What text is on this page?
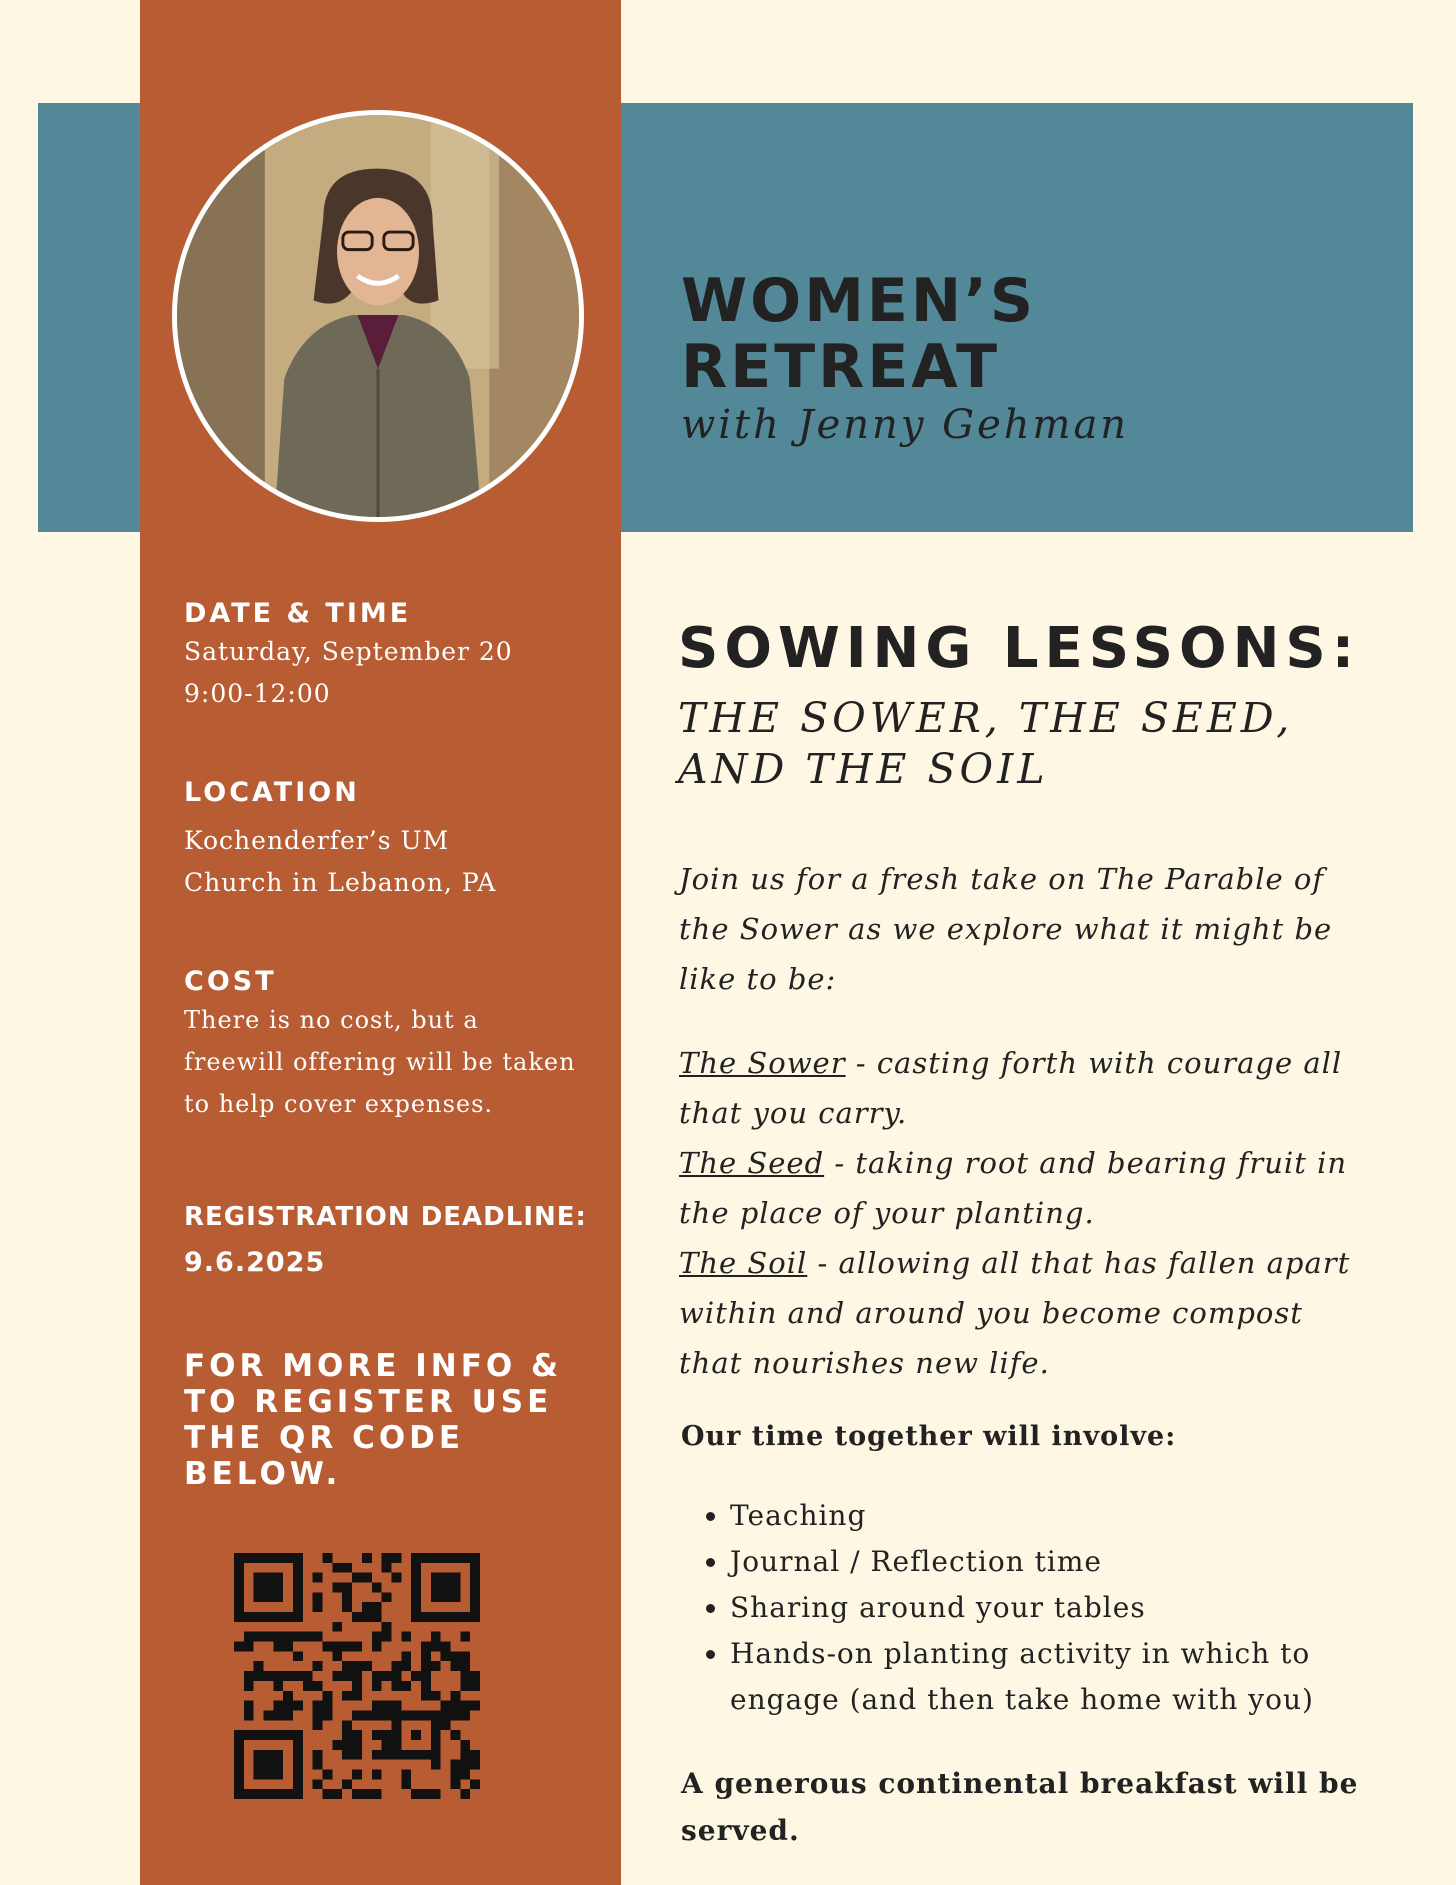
WOMEN’S
RETREAT
with Jenny Gehman
DATE & TIME
Saturday, September 20
9:00-12:00
LOCATION
Kochenderfer’s UM
Church in Lebanon, PA
COST
There is no cost, but a
freewill offering will be taken
to help cover expenses.
REGISTRATION DEADLINE:
9.6.2025
FOR MORE INFO &
TO REGISTER USE
THE QR CODE
BELOW.
SOWING LESSONS:
THE SOWER, THE SEED,
AND THE SOIL
Join us for a fresh take on The Parable of
the Sower as we explore what it might be
like to be:
The Sower - casting forth with courage all
that you carry.
The Seed - taking root and bearing fruit in
the place of your planting.
The Soil - allowing all that has fallen apart
within and around you become compost
that nourishes new life.
Our time together will involve:
• Teaching
• Journal / Reflection time
• Sharing around your tables
• Hands-on planting activity in which to engage (and then take home with you)
A generous continental breakfast will be
served.
